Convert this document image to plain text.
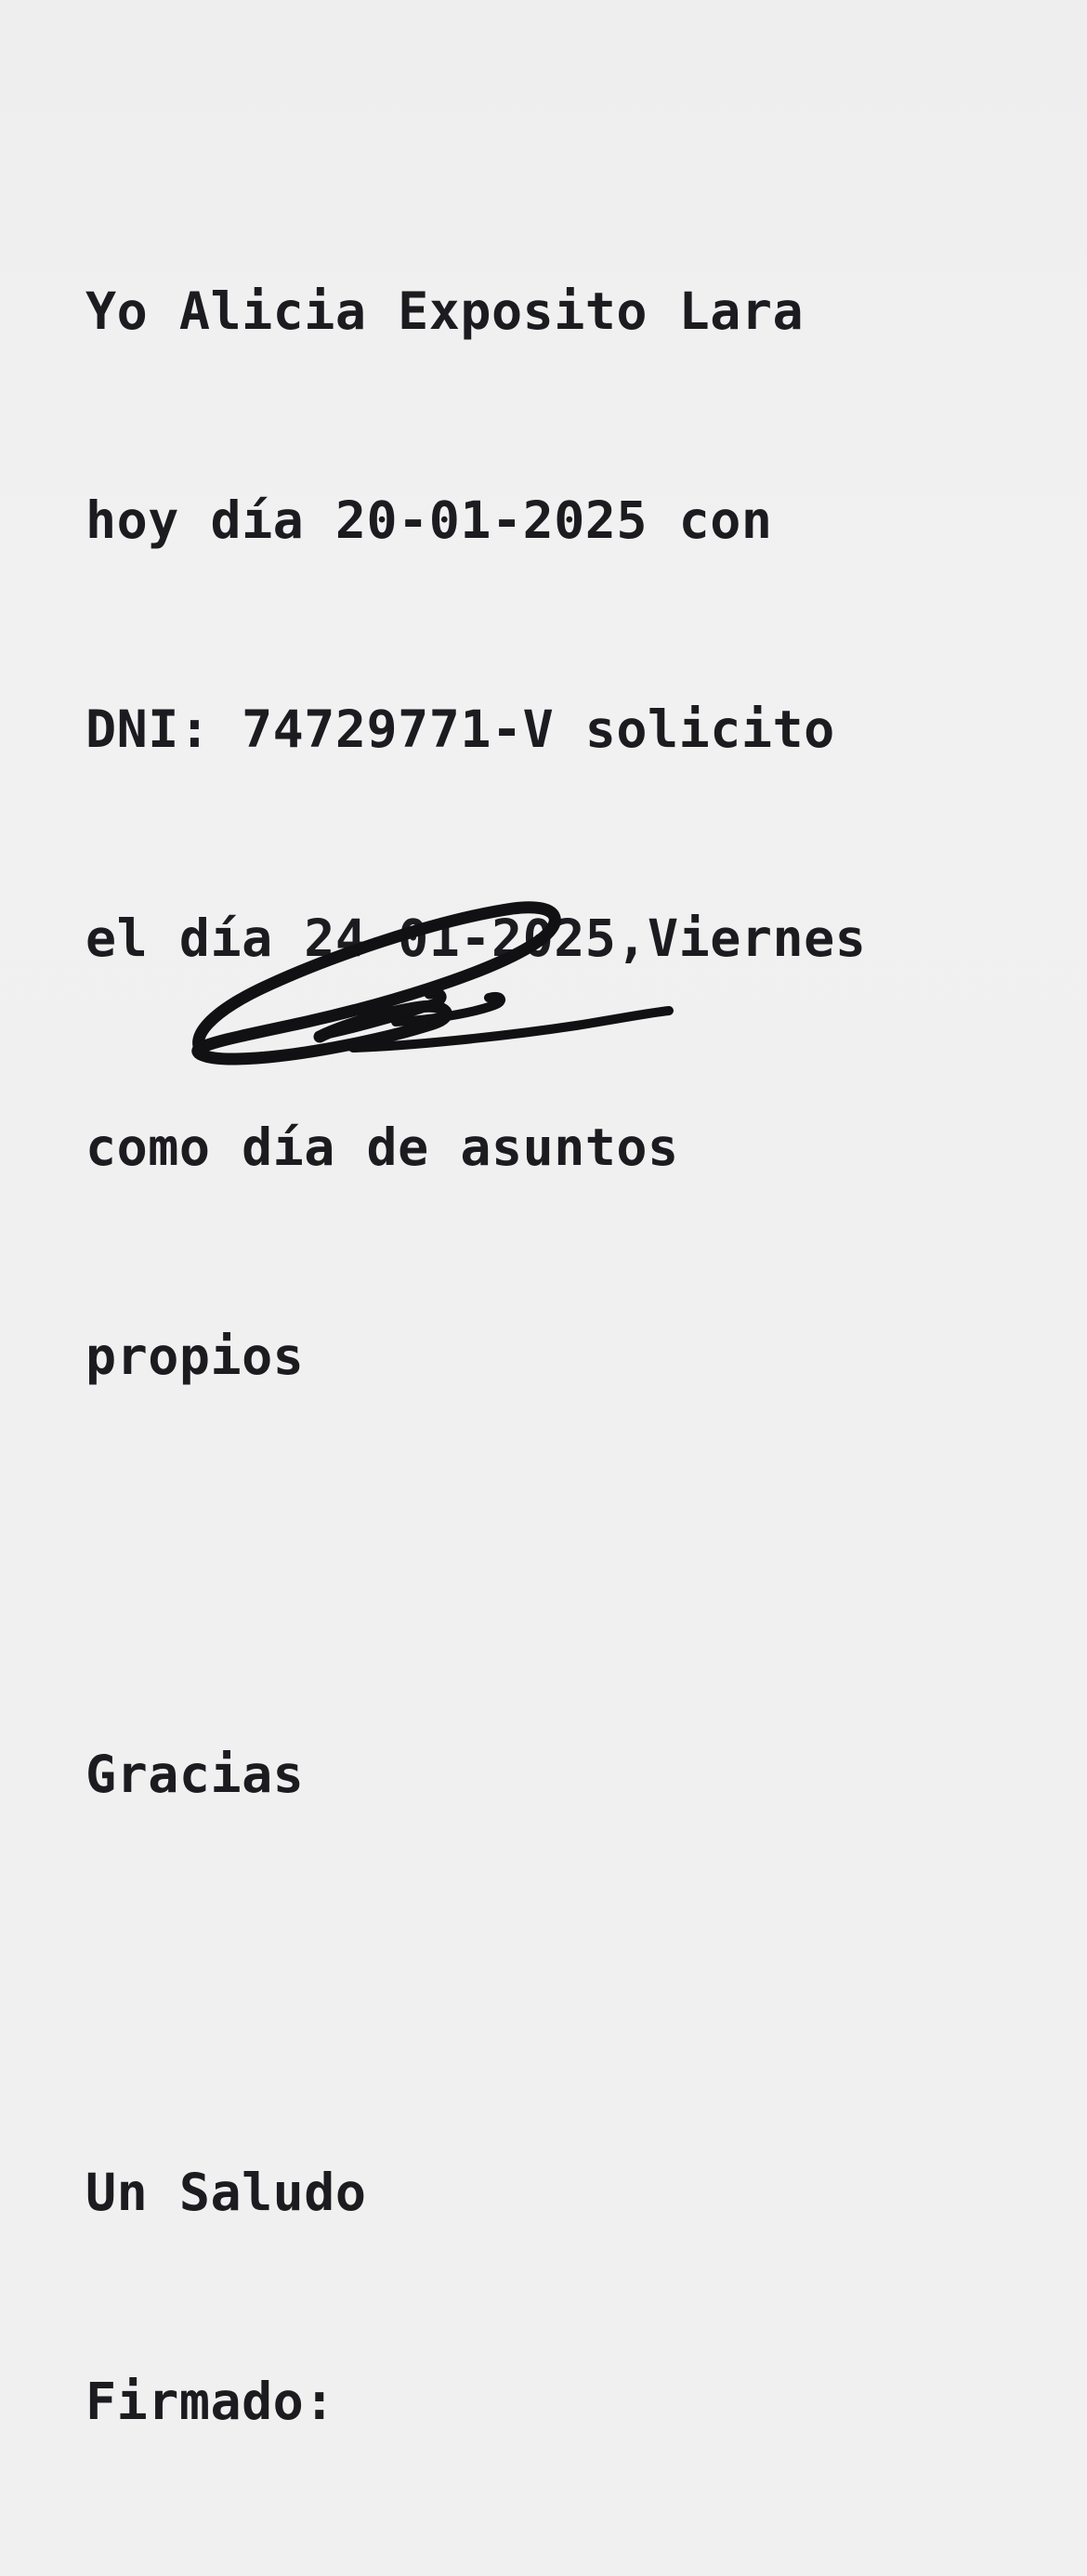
Yo Alicia Exposito Lara

hoy día 20-01-2025 con

DNI: 74729771-V solicito

el día 24-01-2025,Viernes

como día de asuntos

propios

Gracias

Un Saludo

Firmado:
